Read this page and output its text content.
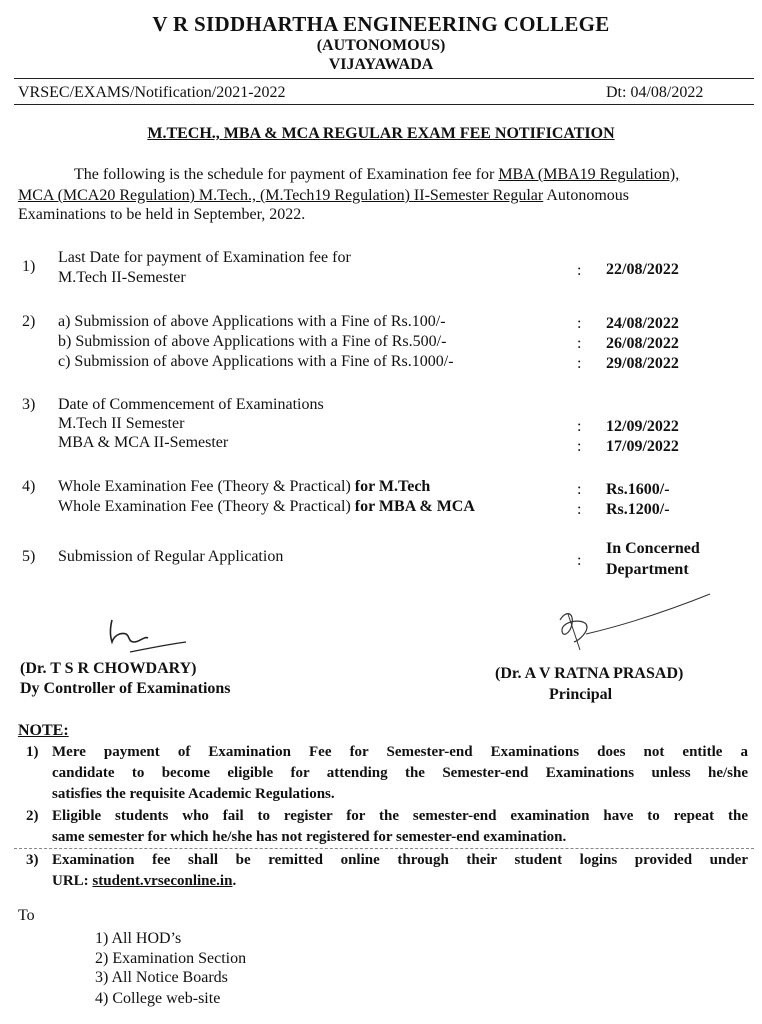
V R SIDDHARTHA ENGINEERING COLLEGE
(AUTONOMOUS)
VIJAYAWADA
VRSEC/EXAMS/Notification/2021-2022	Dt: 04/08/2022
M.TECH., MBA & MCA REGULAR EXAM FEE NOTIFICATION
The following is the schedule for payment of Examination fee for MBA (MBA19 Regulation),
MCA (MCA20 Regulation) M.Tech., (M.Tech19 Regulation) II-Semester Regular Autonomous
Examinations to be held in September, 2022.
1)
Last Date for payment of Examination fee for
M.Tech II-Semester	: 22/08/2022
2) a) Submission of above Applications with a Fine of Rs.100/-	: 24/08/2022
b) Submission of above Applications with a Fine of Rs.500/-	: 26/08/2022
c) Submission of above Applications with a Fine of Rs.1000/-	: 29/08/2022
3) Date of Commencement of Examinations
M.Tech II Semester	: 12/09/2022
MBA & MCA II-Semester	: 17/09/2022
4) Whole Examination Fee (Theory & Practical) for M.Tech	: Rs.1600/-
Whole Examination Fee (Theory & Practical) for MBA & MCA	: Rs.1200/-
5) Submission of Regular Application	:
In Concerned
Department
(Dr. T S R CHOWDARY)
Dy Controller of Examinations
(Dr. A V RATNA PRASAD)
Principal
NOTE:
1) Mere payment of Examination Fee for Semester-end Examinations does not entitle a
candidate to become eligible for attending the Semester-end Examinations unless he/she
satisfies the requisite Academic Regulations.
2) Eligible students who fail to register for the semester-end examination have to repeat the
same semester for which he/she has not registered for semester-end examination.
3) Examination fee shall be remitted online through their student logins provided under
URL: student.vrseconline.in.
To
1) All HOD’s
2) Examination Section
3) All Notice Boards
4) College web-site
